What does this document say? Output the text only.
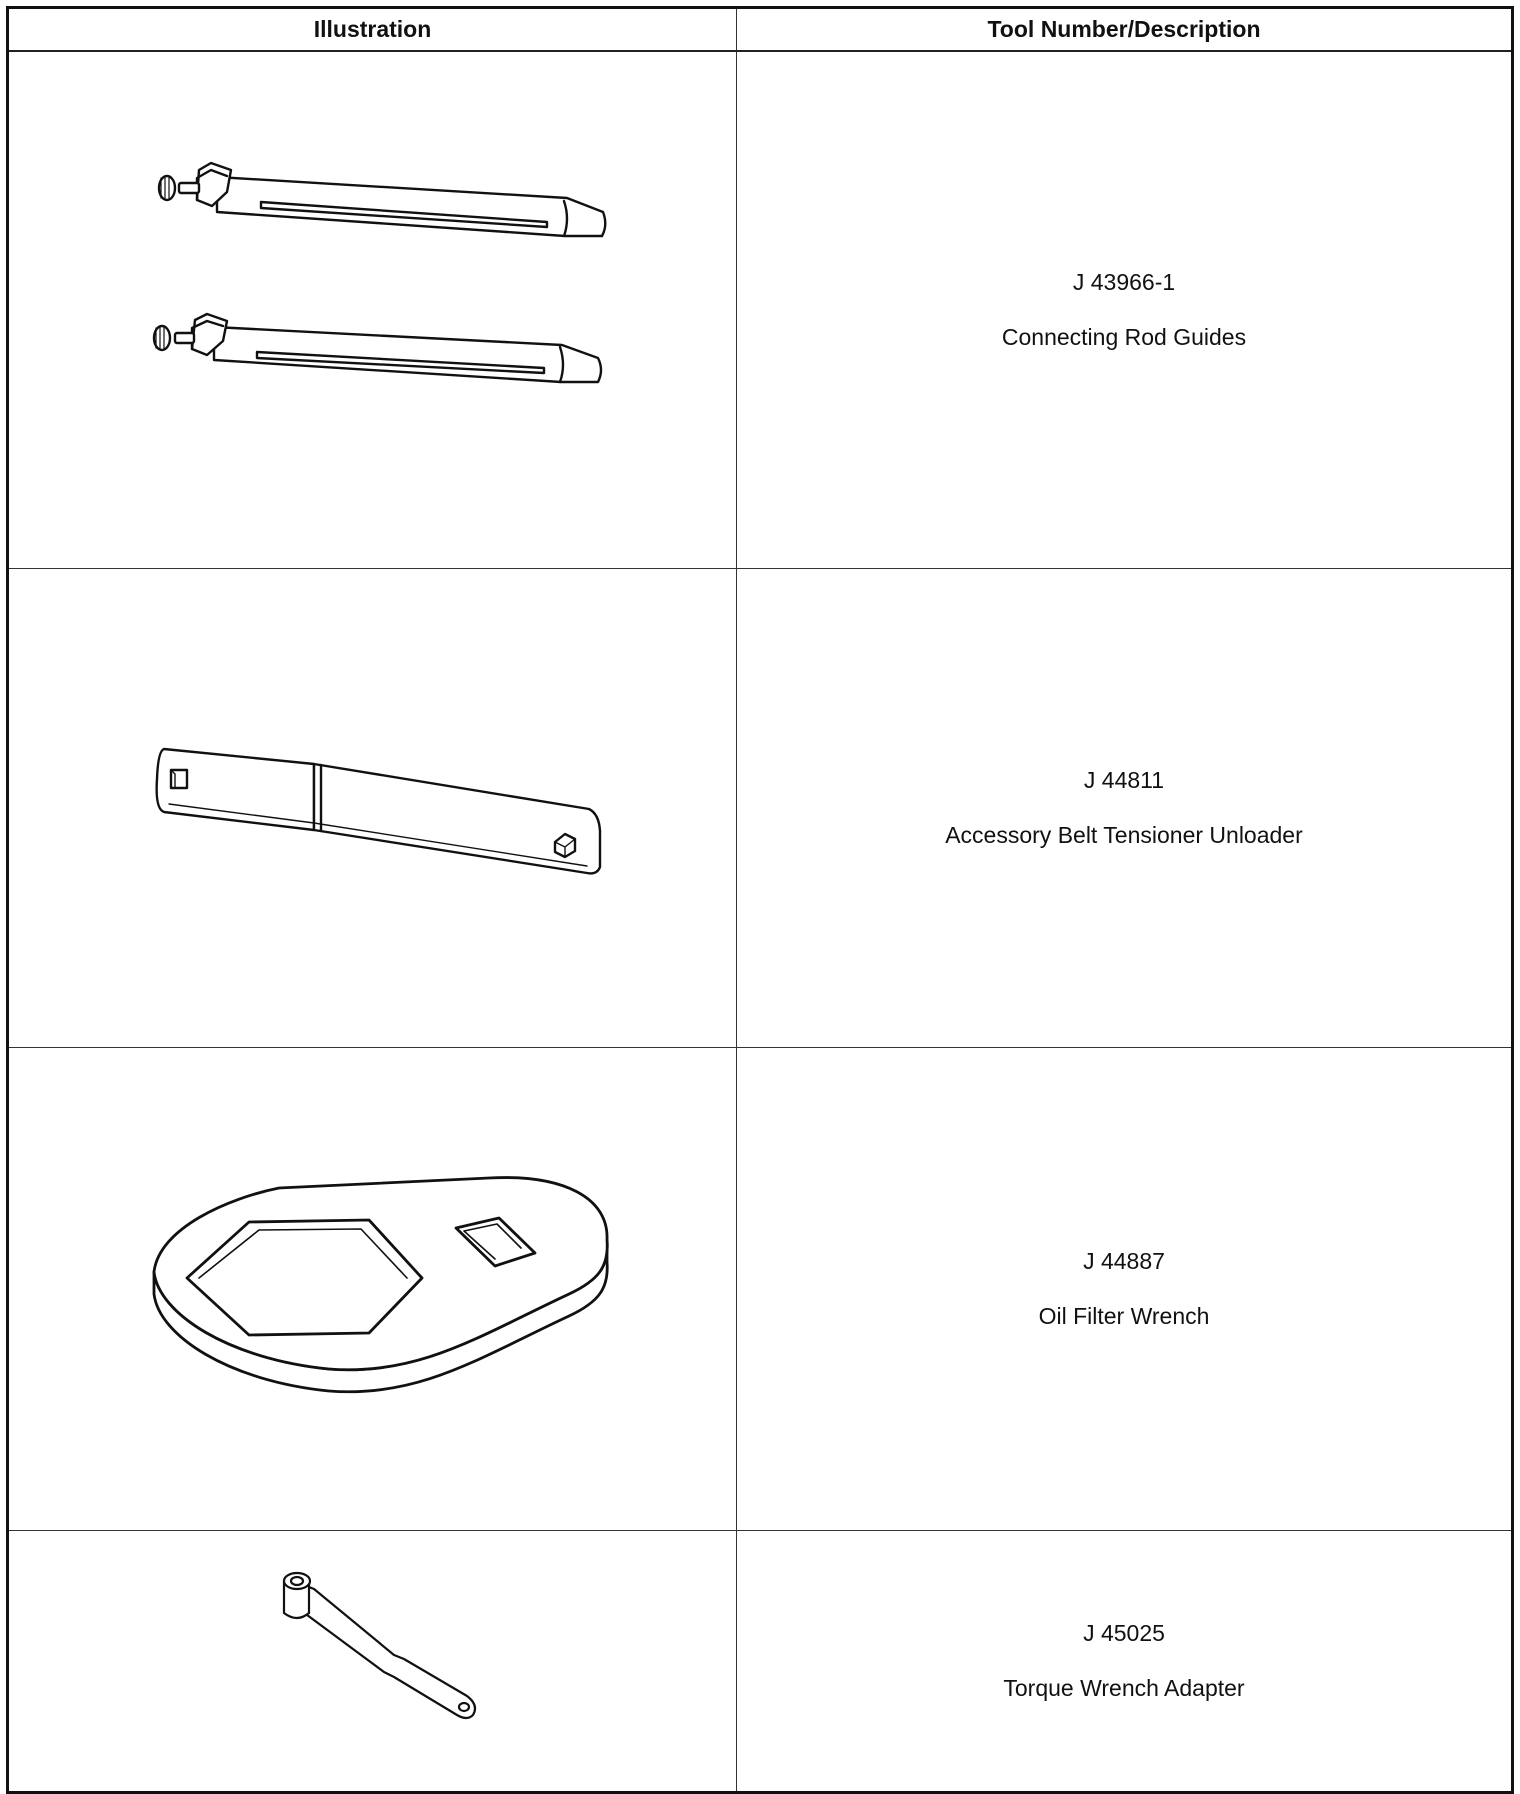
Illustration	Tool Number/Description

J 43966-1
Connecting Rod Guides

J 44811
Accessory Belt Tensioner Unloader

J 44887
Oil Filter Wrench

J 45025
Torque Wrench Adapter
